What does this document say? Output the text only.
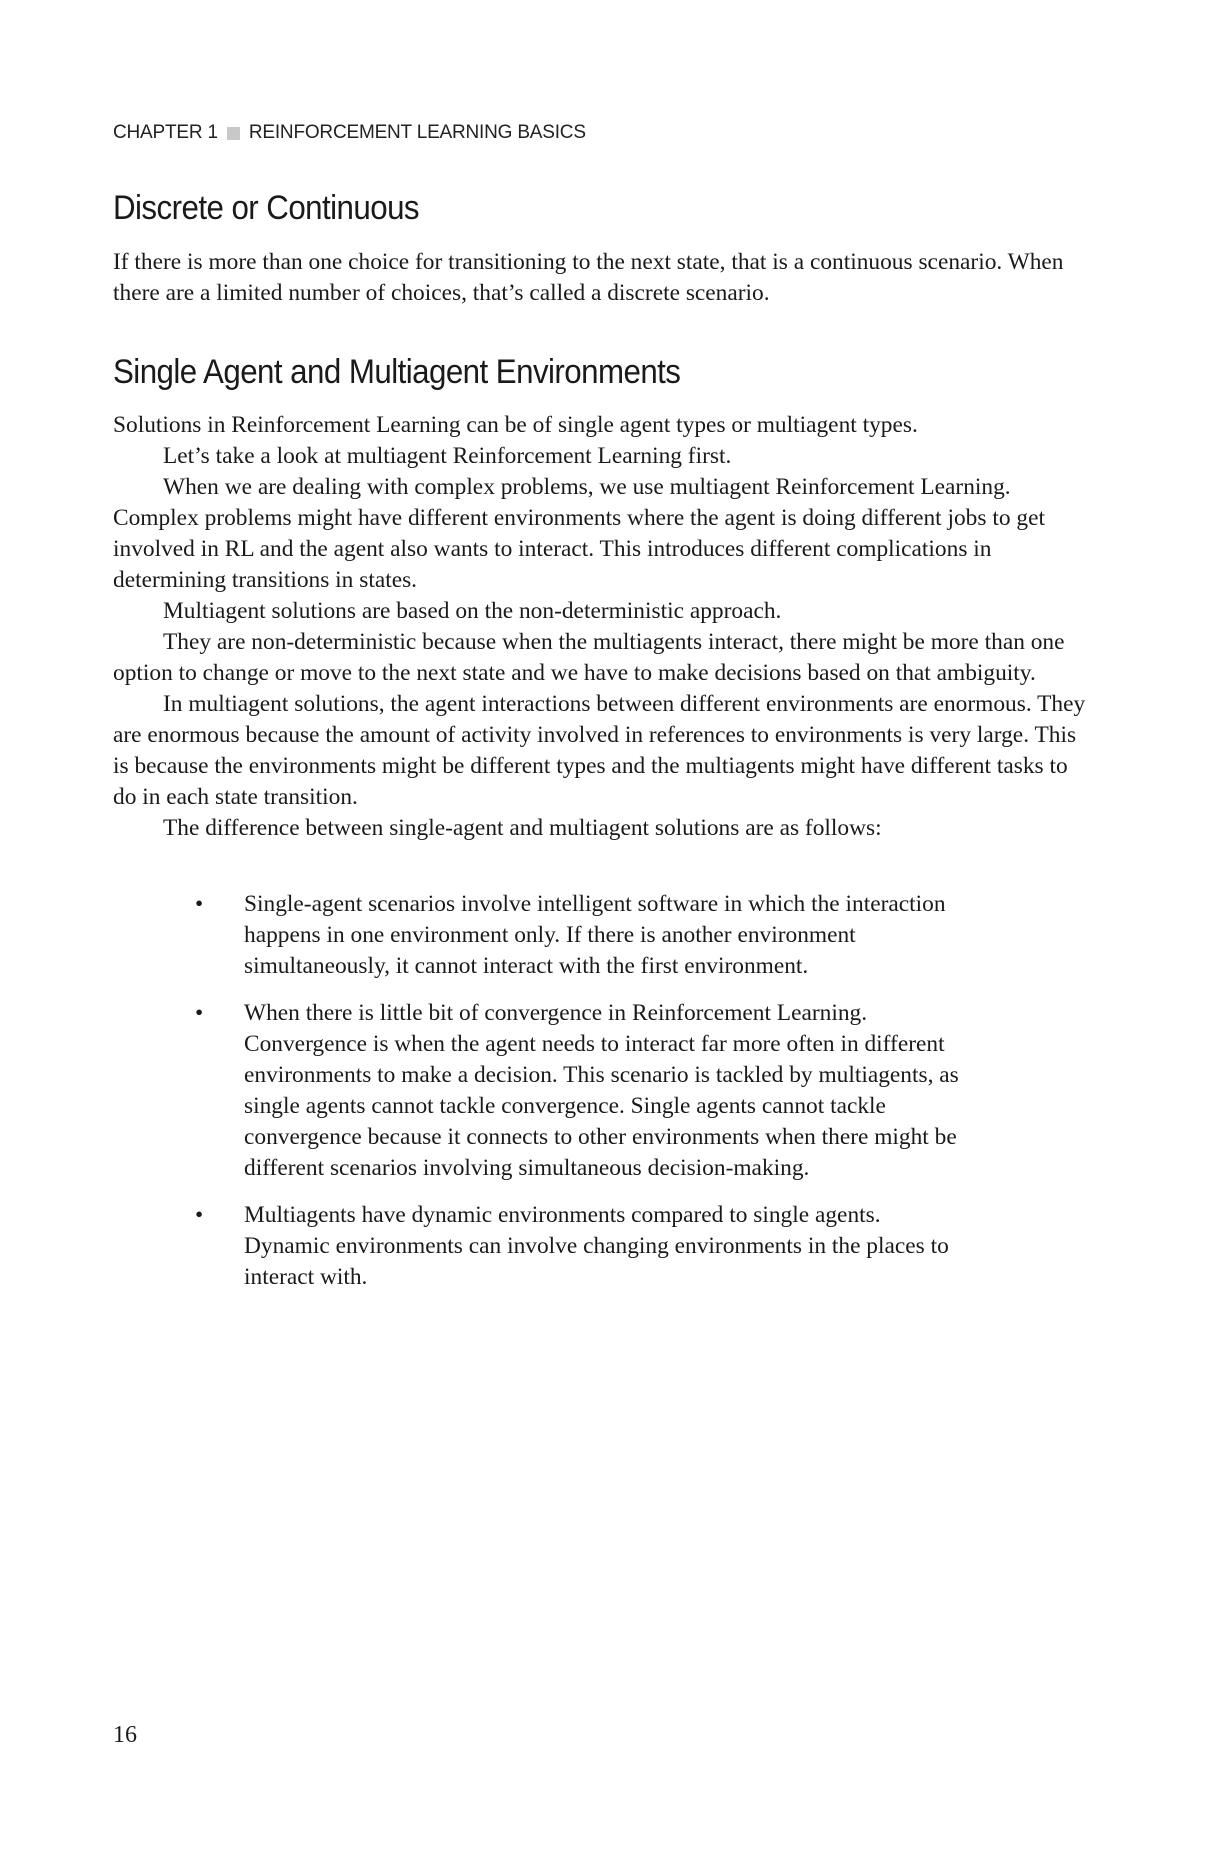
CHAPTER 1 REINFORCEMENT LEARNING BASICS
Discrete or Continuous

If there is more than one choice for transitioning to the next state, that is a continuous scenario. When there are a limited number of choices, that’s called a discrete scenario.

Single Agent and Multiagent Environments

Solutions in Reinforcement Learning can be of single agent types or multiagent types.

Let’s take a look at multiagent Reinforcement Learning first.

When we are dealing with complex problems, we use multiagent Reinforcement Learning. Complex problems might have different environments where the agent is doing different jobs to get involved in RL and the agent also wants to interact. This introduces different complications in determining transitions in states.

Multiagent solutions are based on the non-deterministic approach.

They are non-deterministic because when the multiagents interact, there might be more than one option to change or move to the next state and we have to make decisions based on that ambiguity.

In multiagent solutions, the agent interactions between different environments are enormous. They are enormous because the amount of activity involved in references to environments is very large. This is because the environments might be different types and the multiagents might have different tasks to do in each state transition.

The difference between single-agent and multiagent solutions are as follows:

• Single-agent scenarios involve intelligent software in which the interaction happens in one environment only. If there is another environment simultaneously, it cannot interact with the first environment.
• When there is little bit of convergence in Reinforcement Learning. Convergence is when the agent needs to interact far more often in different environments to make a decision. This scenario is tackled by multiagents, as single agents cannot tackle convergence. Single agents cannot tackle convergence because it connects to other environments when there might be different scenarios involving simultaneous decision-making.
• Multiagents have dynamic environments compared to single agents. Dynamic environments can involve changing environments in the places to interact with.
16
